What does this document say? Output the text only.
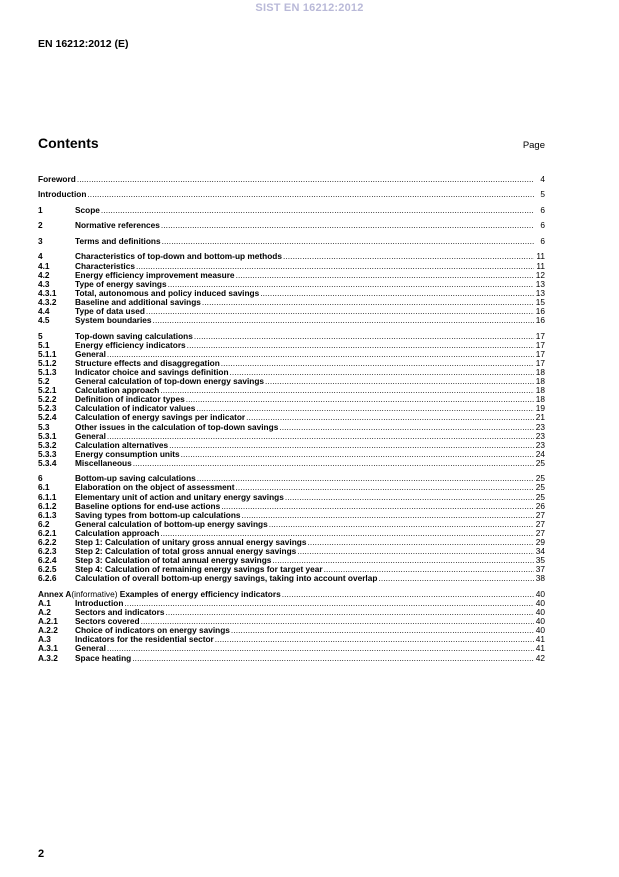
SIST EN 16212:2012
EN 16212:2012 (E)
Contents	Page
Foreword .....	4
Introduction .....	5
1	Scope .....	6
2	Normative references .....	6
3	Terms and definitions .....	6
4	Characteristics of top-down and bottom-up methods .....	11
4.1	Characteristics .....	11
4.2	Energy efficiency improvement measure .....	12
4.3	Type of energy savings .....	13
4.3.1	Total, autonomous and policy induced savings .....	13
4.3.2	Baseline and additional savings .....	15
4.4	Type of data used .....	16
4.5	System boundaries .....	16
5	Top-down saving calculations .....	17
5.1	Energy efficiency indicators .....	17
5.1.1	General .....	17
5.1.2	Structure effects and disaggregation .....	17
5.1.3	Indicator choice and savings definition .....	18
5.2	General calculation of top-down energy savings .....	18
5.2.1	Calculation approach .....	18
5.2.2	Definition of indicator types .....	18
5.2.3	Calculation of indicator values .....	19
5.2.4	Calculation of energy savings per indicator .....	21
5.3	Other issues in the calculation of top-down savings .....	23
5.3.1	General .....	23
5.3.2	Calculation alternatives .....	23
5.3.3	Energy consumption units .....	24
5.3.4	Miscellaneous .....	25
6	Bottom-up saving calculations .....	25
6.1	Elaboration on the object of assessment .....	25
6.1.1	Elementary unit of action and unitary energy savings .....	25
6.1.2	Baseline options for end-use actions .....	26
6.1.3	Saving types from bottom-up calculations .....	27
6.2	General calculation of bottom-up energy savings .....	27
6.2.1	Calculation approach .....	27
6.2.2	Step 1: Calculation of unitary gross annual energy savings .....	29
6.2.3	Step 2: Calculation of total gross annual energy savings .....	34
6.2.4	Step 3: Calculation of total annual energy savings .....	35
6.2.5	Step 4: Calculation of remaining energy savings for target year .....	37
6.2.6	Calculation of overall bottom-up energy savings, taking into account overlap .....	38
Annex A (informative) Examples of energy efficiency indicators .....	40
A.1	Introduction .....	40
A.2	Sectors and indicators .....	40
A.2.1	Sectors covered .....	40
A.2.2	Choice of indicators on energy savings .....	40
A.3	Indicators for the residential sector .....	41
A.3.1	General .....	41
A.3.2	Space heating .....	42
2
